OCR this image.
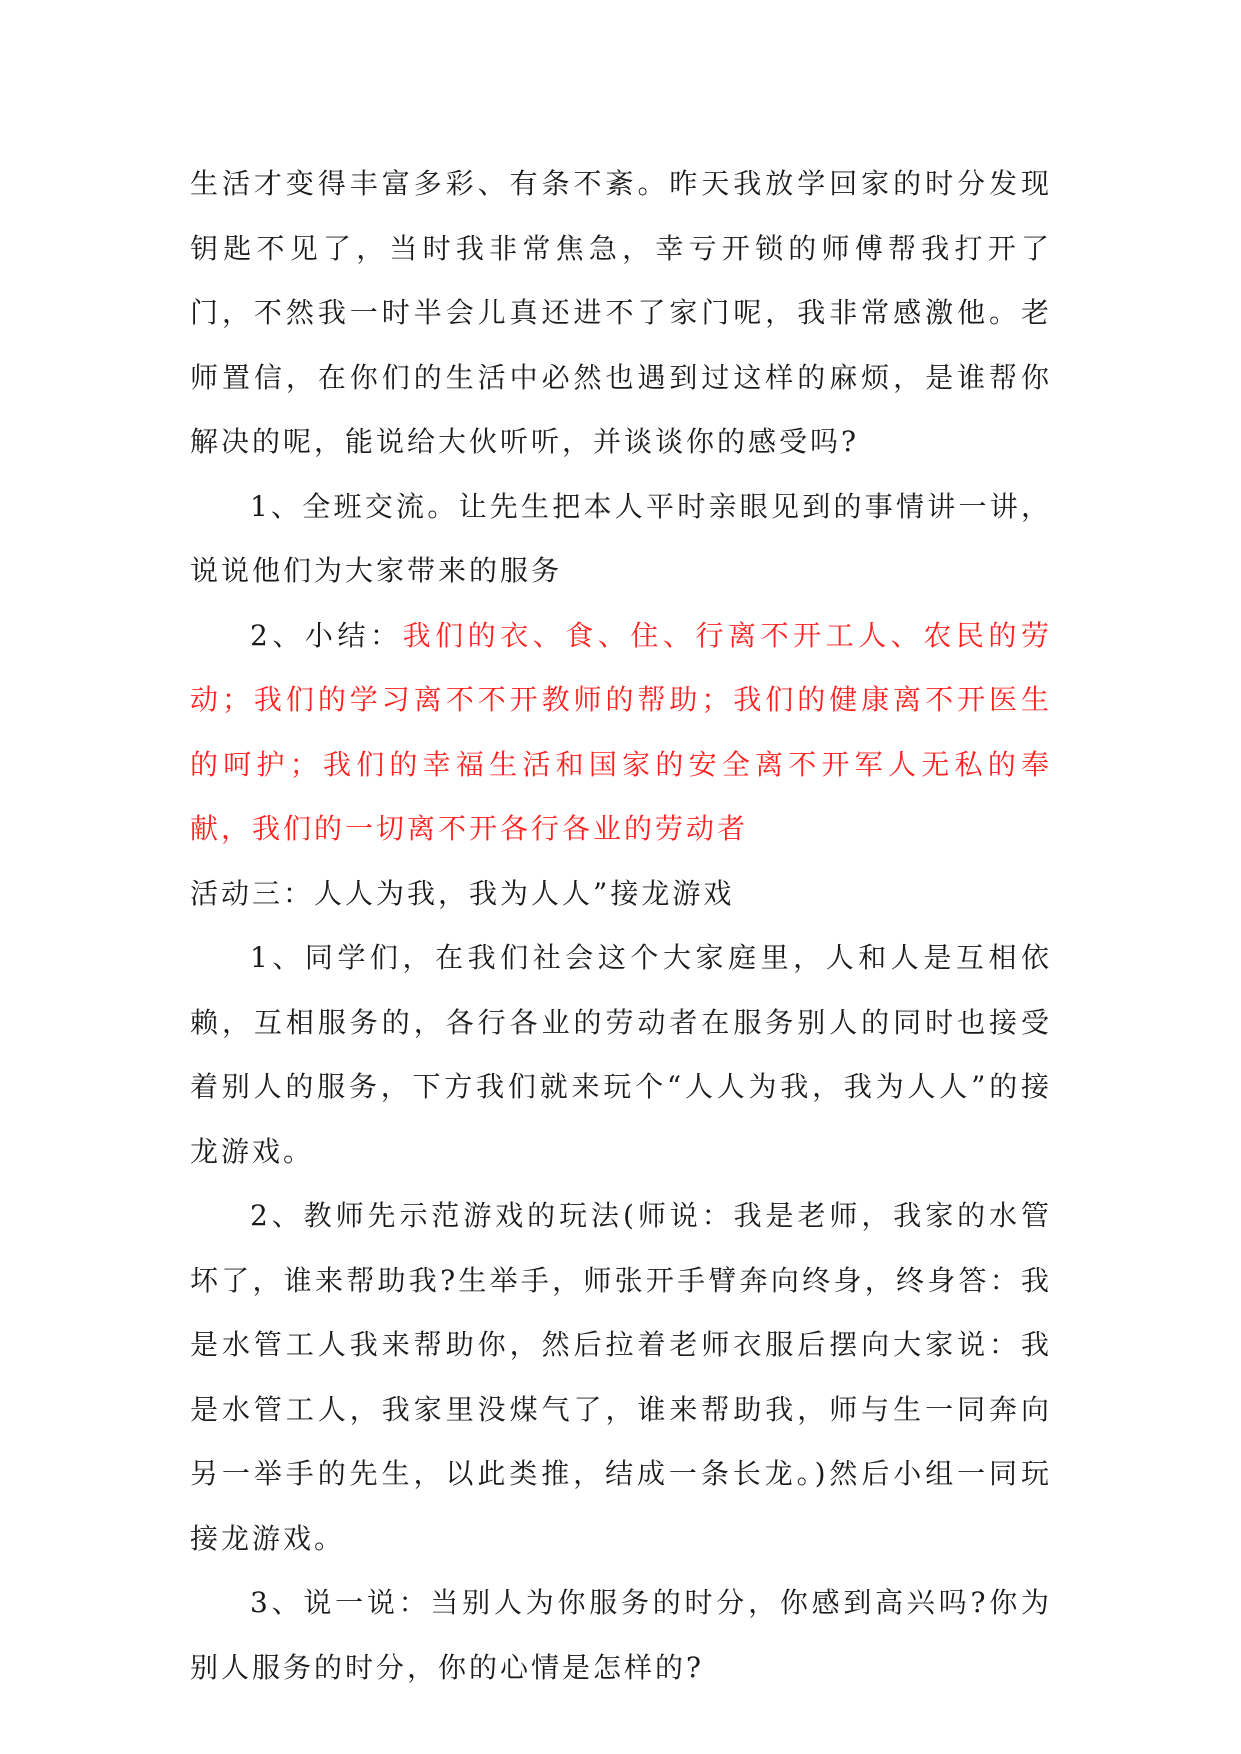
生活才变得丰富多彩、有条不紊。昨天我放学回家的时分发现钥匙不见了，当时我非常焦急，幸亏开锁的师傅帮我打开了门，不然我一时半会儿真还进不了家门呢，我非常感激他。老师置信，在你们的生活中必然也遇到过这样的麻烦，是谁帮你解决的呢，能说给大伙听听，并谈谈你的感受吗?

1、全班交流。让先生把本人平时亲眼见到的事情讲一讲，说说他们为大家带来的服务

2、小结：我们的衣、食、住、行离不开工人、农民的劳动；我们的学习离不不开教师的帮助；我们的健康离不开医生的呵护；我们的幸福生活和国家的安全离不开军人无私的奉献，我们的一切离不开各行各业的劳动者

活动三：人人为我，我为人人”接龙游戏

1、同学们，在我们社会这个大家庭里，人和人是互相依赖，互相服务的，各行各业的劳动者在服务别人的同时也接受着别人的服务，下方我们就来玩个“人人为我，我为人人”的接龙游戏。

2、教师先示范游戏的玩法(师说：我是老师，我家的水管坏了，谁来帮助我?生举手，师张开手臂奔向终身，终身答：我是水管工人我来帮助你，然后拉着老师衣服后摆向大家说：我是水管工人，我家里没煤气了，谁来帮助我，师与生一同奔向另一举手的先生，以此类推，结成一条长龙。)然后小组一同玩接龙游戏。

3、说一说：当别人为你服务的时分，你感到高兴吗?你为别人服务的时分，你的心情是怎样的?
